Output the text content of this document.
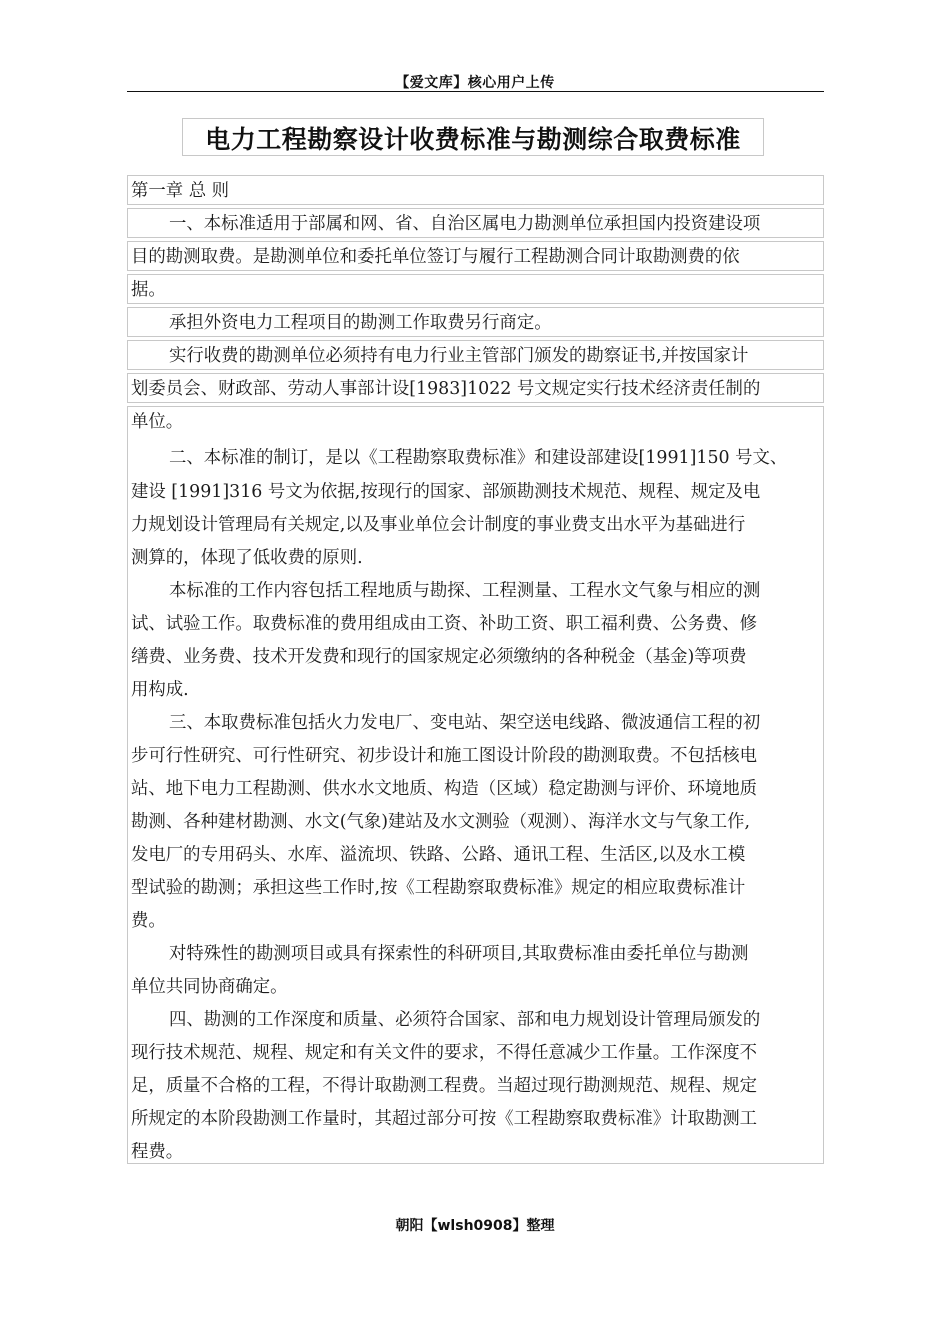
【爱文库】核心用户上传
电力工程勘察设计收费标准与勘测综合取费标准
第一章 总 则
一、本标准适用于部属和网、省、自治区属电力勘测单位承担国内投资建设项
目的勘测取费。是勘测单位和委托单位签订与履行工程勘测合同计取勘测费的依
据。
承担外资电力工程项目的勘测工作取费另行商定。
实行收费的勘测单位必须持有电力行业主管部门颁发的勘察证书,并按国家计
划委员会、财政部、劳动人事部计设[1983]1022 号文规定实行技术经济责任制的
单位。
二、本标准的制订，是以《工程勘察取费标准》和建设部建设[1991]150 号文、
建设 [1991]316 号文为依据,按现行的国家、部颁勘测技术规范、规程、规定及电
力规划设计管理局有关规定,以及事业单位会计制度的事业费支出水平为基础进行
测算的，体现了低收费的原则.
本标准的工作内容包括工程地质与勘探、工程测量、工程水文气象与相应的测
试、试验工作。取费标准的费用组成由工资、补助工资、职工福利费、公务费、修
缮费、业务费、技术开发费和现行的国家规定必须缴纳的各种税金（基金)等项费
用构成.
三、本取费标准包括火力发电厂、变电站、架空送电线路、微波通信工程的初
步可行性研究、可行性研究、初步设计和施工图设计阶段的勘测取费。不包括核电
站、地下电力工程勘测、供水水文地质、构造（区域）稳定勘测与评价、环境地质
勘测、各种建材勘测、水文(气象)建站及水文测验（观测）、海洋水文与气象工作,
发电厂的专用码头、水库、溢流坝、铁路、公路、通讯工程、生活区,以及水工模
型试验的勘测；承担这些工作时,按《工程勘察取费标准》规定的相应取费标准计
费。
对特殊性的勘测项目或具有探索性的科研项目,其取费标准由委托单位与勘测
单位共同协商确定。
四、勘测的工作深度和质量、必须符合国家、部和电力规划设计管理局颁发的
现行技术规范、规程、规定和有关文件的要求，不得任意减少工作量。工作深度不
足，质量不合格的工程，不得计取勘测工程费。当超过现行勘测规范、规程、规定
所规定的本阶段勘测工作量时，其超过部分可按《工程勘察取费标准》计取勘测工
程费。
朝阳【wlsh0908】整理
